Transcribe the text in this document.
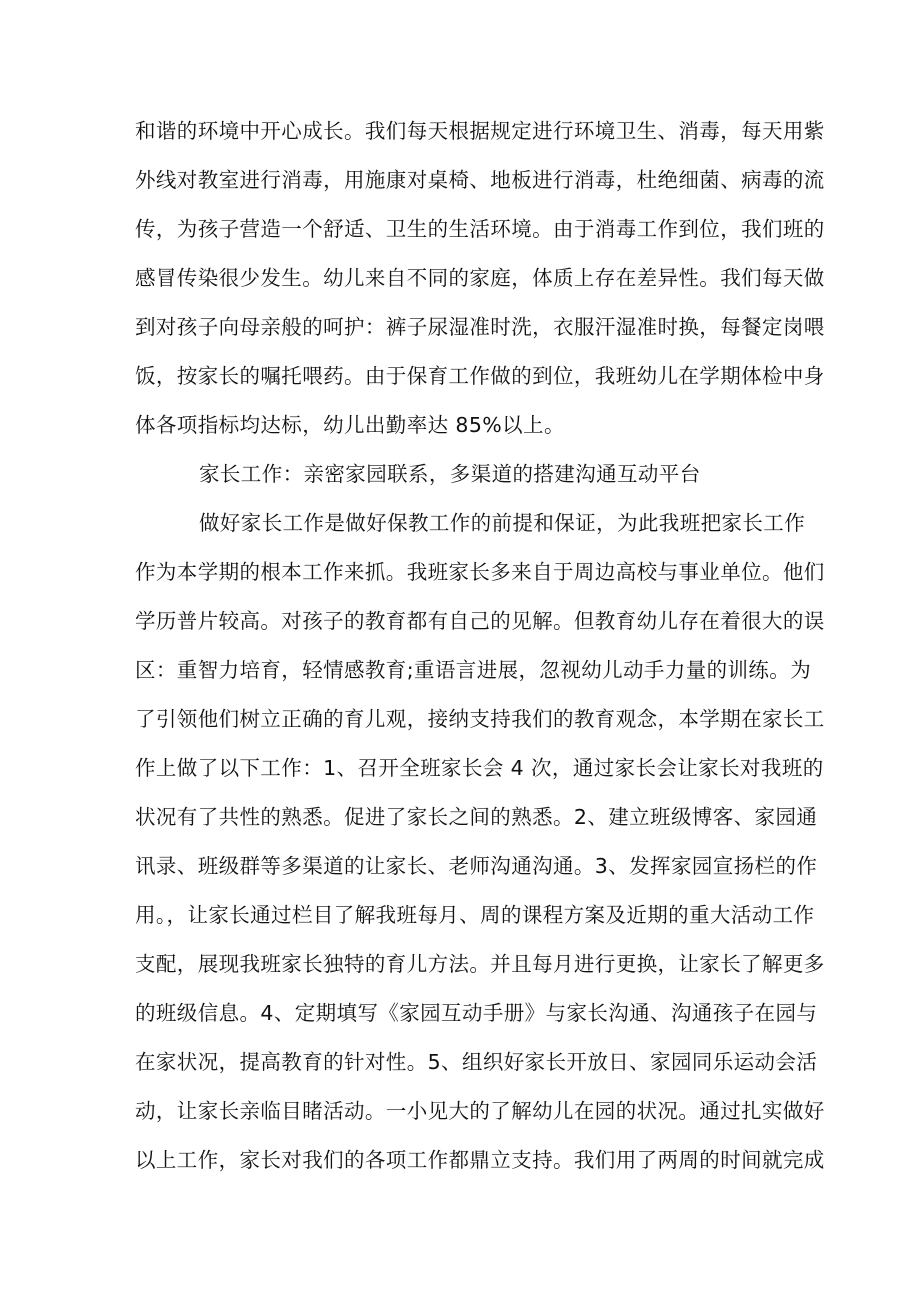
和谐的环境中开心成长。我们每天根据规定进行环境卫生、消毒，每天用紫
外线对教室进行消毒，用施康对桌椅、地板进行消毒，杜绝细菌、病毒的流
传，为孩子营造一个舒适、卫生的生活环境。由于消毒工作到位，我们班的
感冒传染很少发生。幼儿来自不同的家庭，体质上存在差异性。我们每天做
到对孩子向母亲般的呵护：裤子尿湿准时洗，衣服汗湿准时换，每餐定岗喂
饭，按家长的嘱托喂药。由于保育工作做的到位，我班幼儿在学期体检中身
体各项指标均达标，幼儿出勤率达 85%以上。
家长工作：亲密家园联系，多渠道的搭建沟通互动平台
做好家长工作是做好保教工作的前提和保证，为此我班把家长工作
作为本学期的根本工作来抓。我班家长多来自于周边高校与事业单位。他们
学历普片较高。对孩子的教育都有自己的见解。但教育幼儿存在着很大的误
区：重智力培育，轻情感教育;重语言进展，忽视幼儿动手力量的训练。为
了引领他们树立正确的育儿观，接纳支持我们的教育观念，本学期在家长工
作上做了以下工作：1、召开全班家长会 4 次，通过家长会让家长对我班的
状况有了共性的熟悉。促进了家长之间的熟悉。2、建立班级博客、家园通
讯录、班级群等多渠道的让家长、老师沟通沟通。3、发挥家园宣扬栏的作
用。，让家长通过栏目了解我班每月、周的课程方案及近期的重大活动工作
支配，展现我班家长独特的育儿方法。并且每月进行更换，让家长了解更多
的班级信息。4、定期填写《家园互动手册》与家长沟通、沟通孩子在园与
在家状况，提高教育的针对性。5、组织好家长开放日、家园同乐运动会活
动，让家长亲临目睹活动。一小见大的了解幼儿在园的状况。通过扎实做好
以上工作，家长对我们的各项工作都鼎立支持。我们用了两周的时间就完成
